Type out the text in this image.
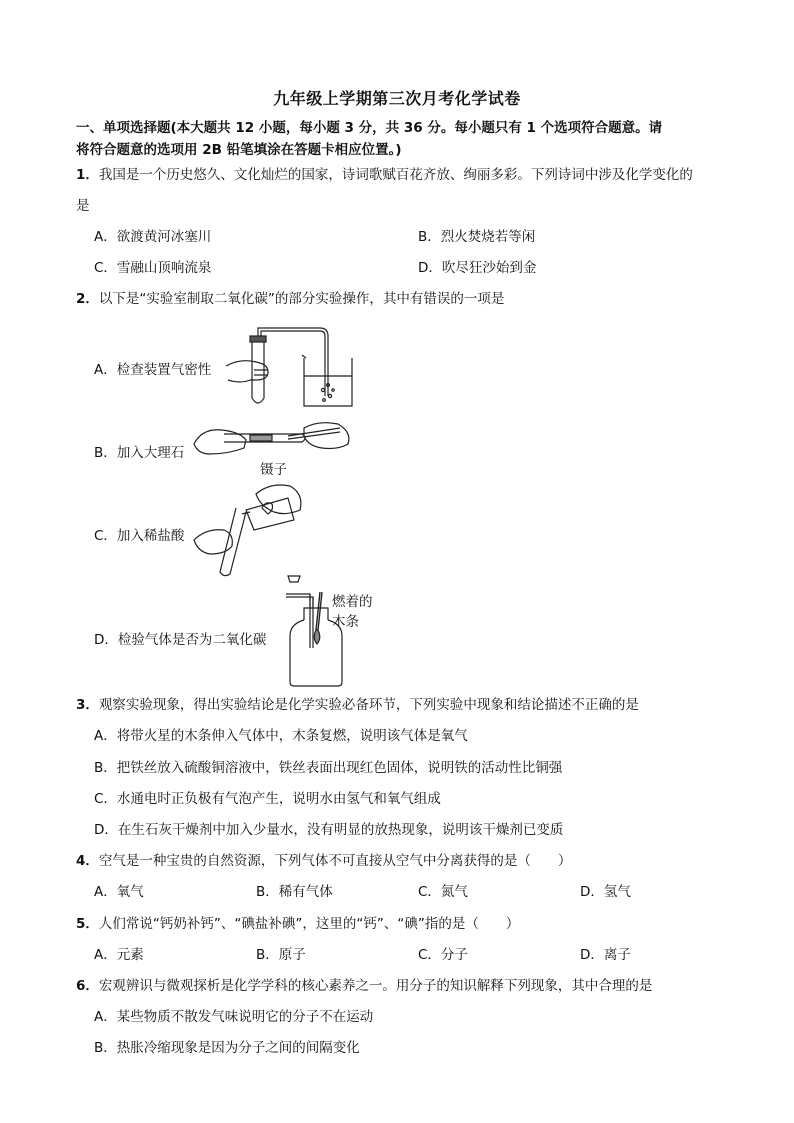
九年级上学期第三次月考化学试卷
一、单项选择题(本大题共 12 小题，每小题 3 分，共 36 分。每小题只有 1 个选项符合题意。请
将符合题意的选项用 2B 铅笔填涂在答题卡相应位置。)
1．我国是一个历史悠久、文化灿烂的国家，诗词歌赋百花齐放、绚丽多彩。下列诗词中涉及化学变化的
是
A．欲渡黄河冰塞川	B．烈火焚烧若等闲
C．雪融山顶响流泉	D．吹尽狂沙始到金
2．以下是“实验室制取二氧化碳”的部分实验操作，其中有错误的一项是
A．检查装置气密性
B．加入大理石
镊子
C．加入稀盐酸
D．检验气体是否为二氧化碳
燃着的
木条
3．观察实验现象，得出实验结论是化学实验必备环节，下列实验中现象和结论描述不正确的是
A．将带火星的木条伸入气体中，木条复燃，说明该气体是氧气
B．把铁丝放入硫酸铜溶液中，铁丝表面出现红色固体，说明铁的活动性比铜强
C．水通电时正负极有气泡产生，说明水由氢气和氧气组成
D．在生石灰干燥剂中加入少量水，没有明显的放热现象，说明该干燥剂已变质
4．空气是一种宝贵的自然资源，下列气体不可直接从空气中分离获得的是（　　）
A．氧气	B．稀有气体	C．氮气	D．氢气
5．人们常说“钙奶补钙”、“碘盐补碘”，这里的“钙”、“碘”指的是（　　）
A．元素	B．原子	C．分子	D．离子
6．宏观辨识与微观探析是化学学科的核心素养之一。用分子的知识解释下列现象，其中合理的是
A．某些物质不散发气味说明它的分子不在运动
B．热胀冷缩现象是因为分子之间的间隔变化
